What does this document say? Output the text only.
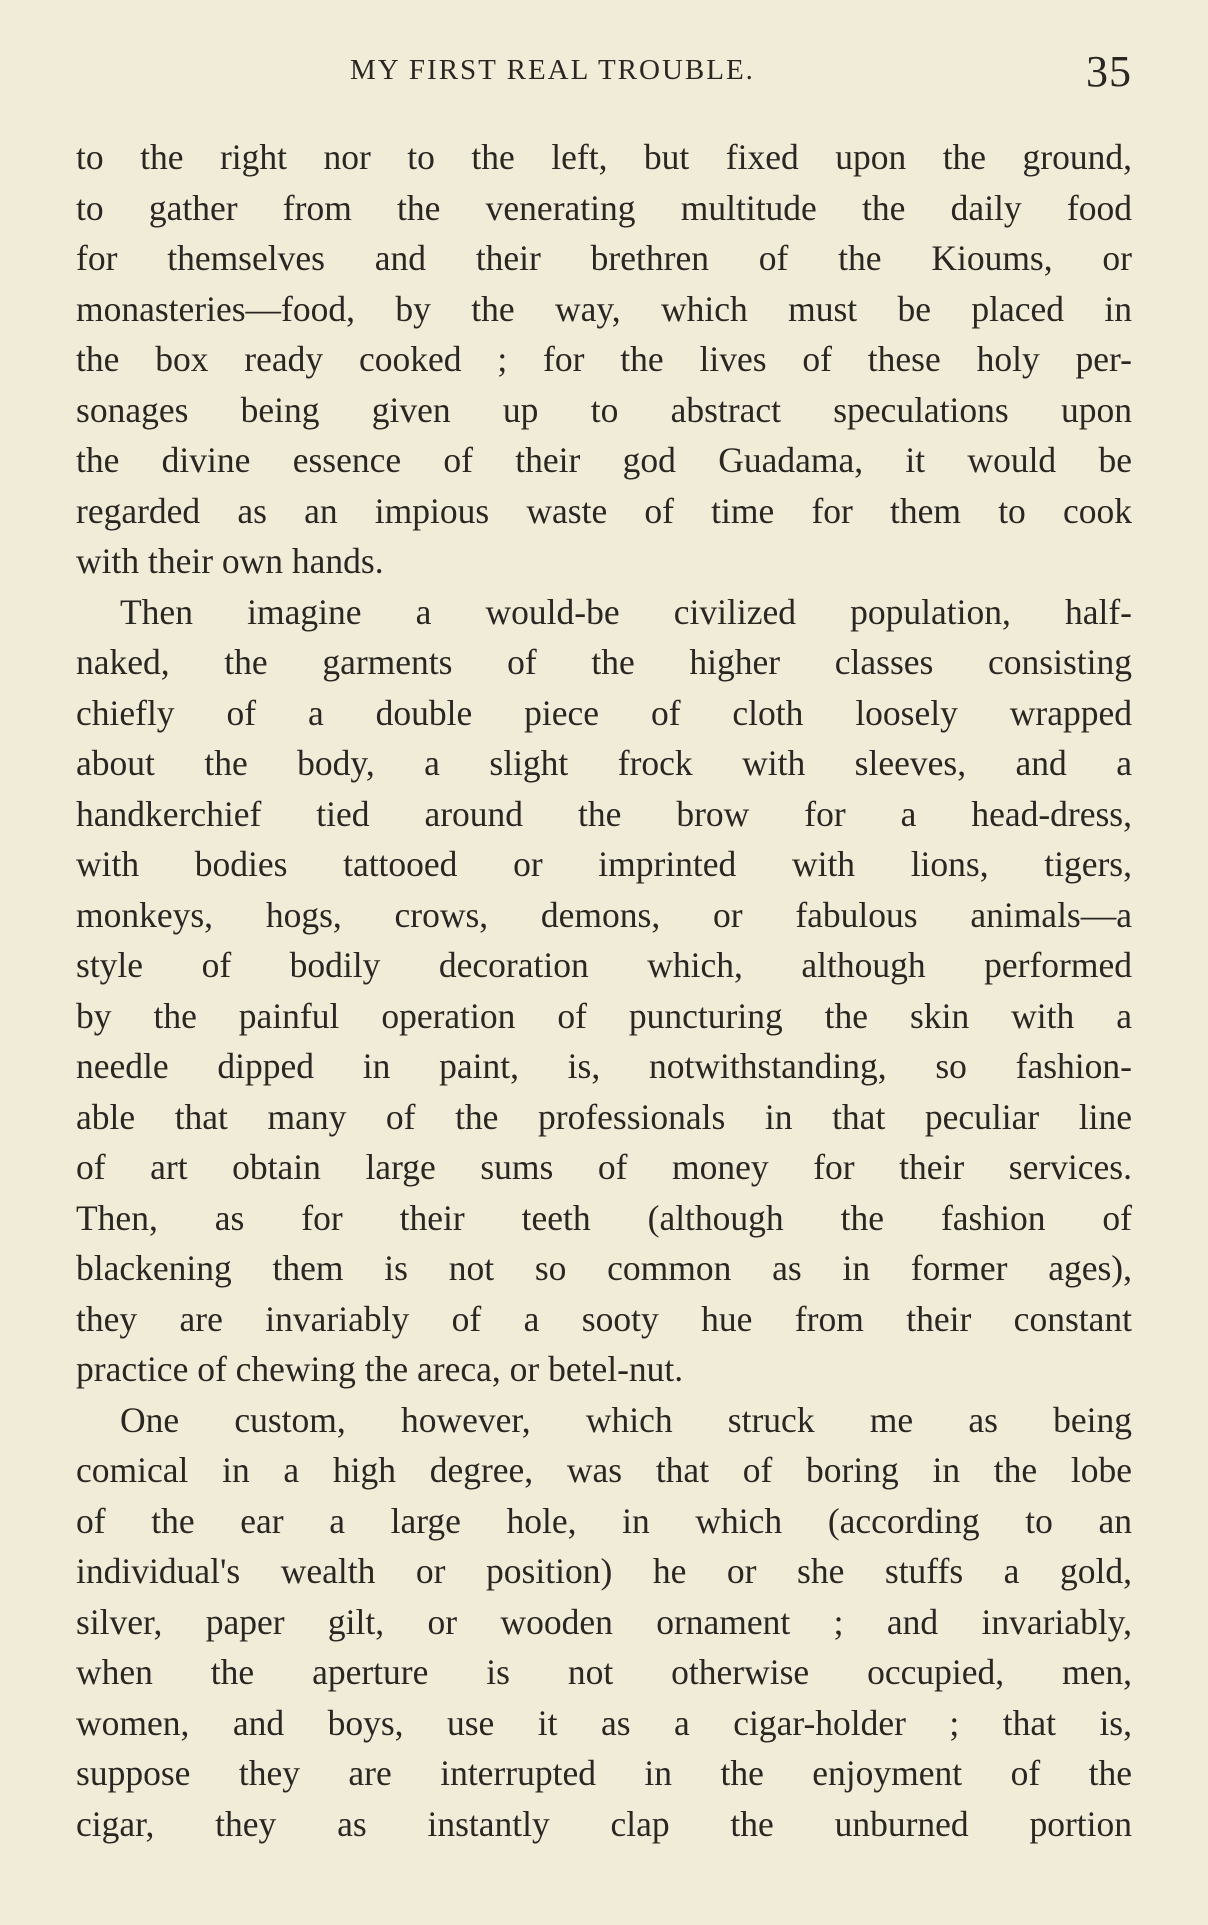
MY FIRST REAL TROUBLE.	35
to the right nor to the left, but fixed upon the ground,
to gather from the venerating multitude the daily food
for themselves and their brethren of the Kioums, or
monasteries—food, by the way, which must be placed in
the box ready cooked ; for the lives of these holy per-
sonages being given up to abstract speculations upon
the divine essence of their god Guadama, it would be
regarded as an impious waste of time for them to cook
with their own hands.
Then imagine a would-be civilized population, half-
naked, the garments of the higher classes consisting
chiefly of a double piece of cloth loosely wrapped
about the body, a slight frock with sleeves, and a
handkerchief tied around the brow for a head-dress,
with bodies tattooed or imprinted with lions, tigers,
monkeys, hogs, crows, demons, or fabulous animals—a
style of bodily decoration which, although performed
by the painful operation of puncturing the skin with a
needle dipped in paint, is, notwithstanding, so fashion-
able that many of the professionals in that peculiar line
of art obtain large sums of money for their services.
Then, as for their teeth (although the fashion of
blackening them is not so common as in former ages),
they are invariably of a sooty hue from their constant
practice of chewing the areca, or betel-nut.
One custom, however, which struck me as being
comical in a high degree, was that of boring in the lobe
of the ear a large hole, in which (according to an
individual's wealth or position) he or she stuffs a gold,
silver, paper gilt, or wooden ornament ; and invariably,
when the aperture is not otherwise occupied, men,
women, and boys, use it as a cigar-holder ; that is,
suppose they are interrupted in the enjoyment of the
cigar, they as instantly clap the unburned portion
